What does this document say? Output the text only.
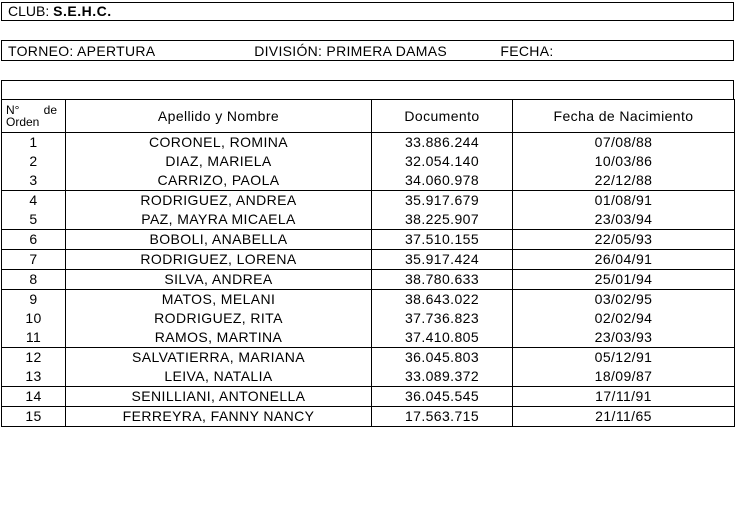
CLUB: S.E.H.C.
TORNEO: APERTURA	DIVISIÓN: PRIMERA DAMAS	FECHA:
N° de
Orden	Apellido y Nombre	Documento	Fecha de Nacimiento
1	CORONEL, ROMINA	33.886.244	07/08/88
2	DIAZ, MARIELA	32.054.140	10/03/86
3	CARRIZO, PAOLA	34.060.978	22/12/88
4	RODRIGUEZ, ANDREA	35.917.679	01/08/91
5	PAZ, MAYRA MICAELA	38.225.907	23/03/94
6	BOBOLI, ANABELLA	37.510.155	22/05/93
7	RODRIGUEZ, LORENA	35.917.424	26/04/91
8	SILVA, ANDREA	38.780.633	25/01/94
9	MATOS, MELANI	38.643.022	03/02/95
10	RODRIGUEZ, RITA	37.736.823	02/02/94
11	RAMOS, MARTINA	37.410.805	23/03/93
12	SALVATIERRA, MARIANA	36.045.803	05/12/91
13	LEIVA, NATALIA	33.089.372	18/09/87
14	SENILLIANI, ANTONELLA	36.045.545	17/11/91
15	FERREYRA, FANNY NANCY	17.563.715	21/11/65
